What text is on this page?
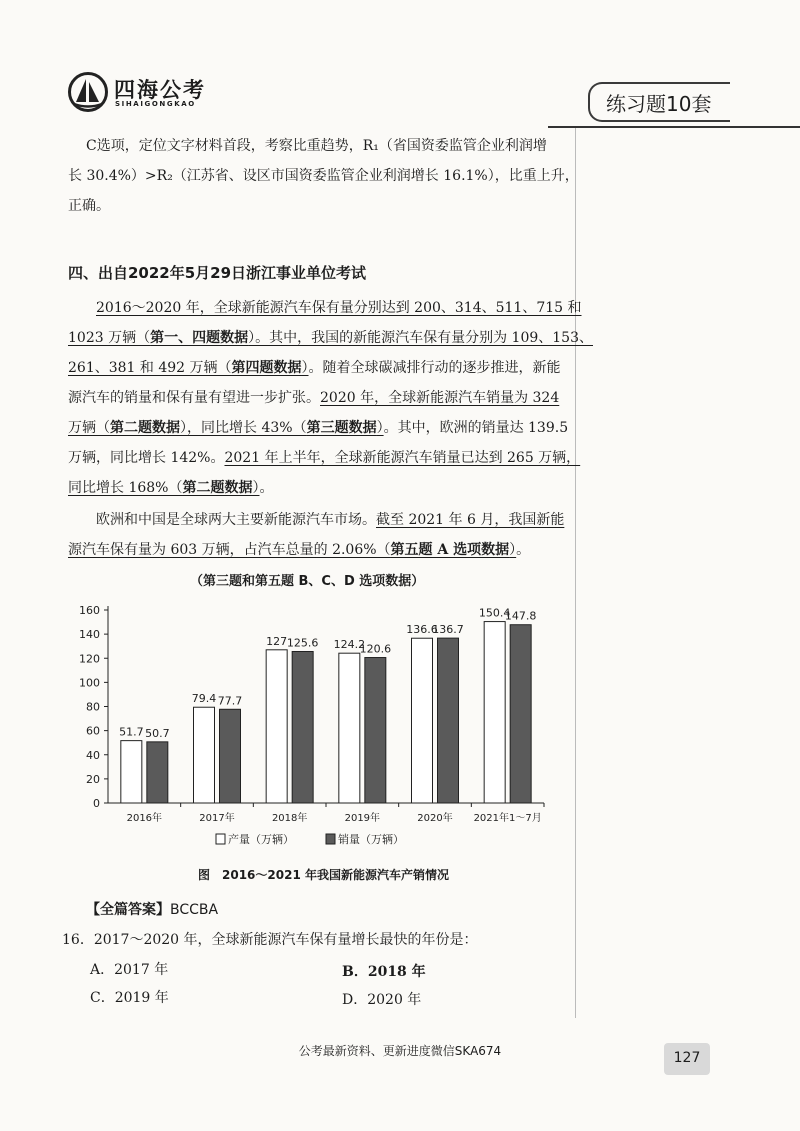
四海公考
SIHAIGONGKAO	练习题10套
C选项，定位文字材料首段，考察比重趋势，R₁（省国资委监管企业利润增
长 30.4%）>R₂（江苏省、设区市国资委监管企业利润增长 16.1%），比重上升，
正确。
四、出自2022年5月29日浙江事业单位考试
2016～2020 年，全球新能源汽车保有量分别达到 200、314、511、715 和
1023 万辆（第一、四题数据）。其中，我国的新能源汽车保有量分别为 109、153、
261、381 和 492 万辆（第四题数据）。随着全球碳减排行动的逐步推进，新能
源汽车的销量和保有量有望进一步扩张。2020 年，全球新能源汽车销量为 324
万辆（第二题数据），同比增长 43%（第三题数据）。其中，欧洲的销量达 139.5
万辆，同比增长 142%。2021 年上半年，全球新能源汽车销量已达到 265 万辆，
同比增长 168%（第二题数据）。
欧洲和中国是全球两大主要新能源汽车市场。截至 2021 年 6 月，我国新能
源汽车保有量为 603 万辆，占汽车总量的 2.06%（第五题 A 选项数据）。
（第三题和第五题 B、C、D 选项数据）
0
20
40
60
80
100
120
140
160
51.7 50.7
2016年
79.4 77.7
2017年
127 125.6
2018年
124.2
120.6
2019年
136.6
136.7
2020年
150.4
147.8
2021年1～7月
产量（万辆）	销量（万辆）
图　2016～2021 年我国新能源汽车产销情况
【全篇答案】BCCBA
16．2017～2020 年，全球新能源汽车保有量增长最快的年份是：
A．2017 年	B．2018 年
C．2019 年	D．2020 年
公考最新资料、更新进度微信SKA674	127
